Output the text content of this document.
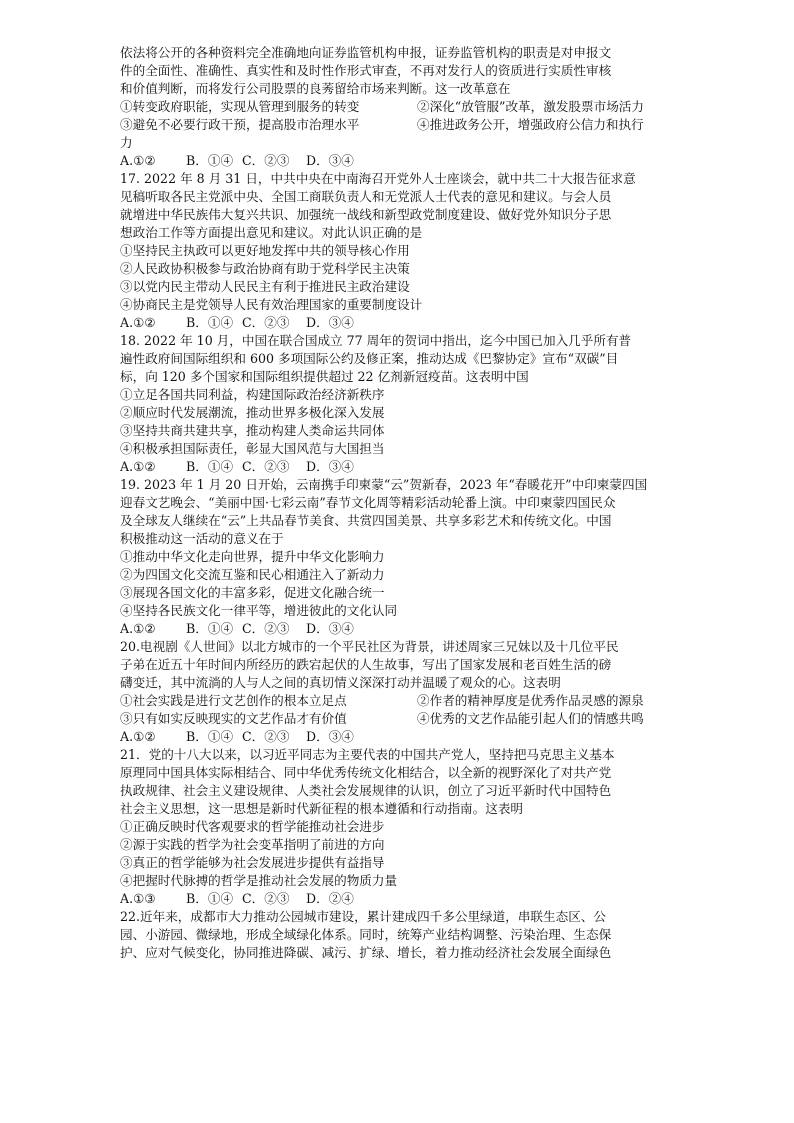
依法将公开的各种资料完全准确地向证券监管机构申报，证券监管机构的职责是对申报文
件的全面性、准确性、真实性和及时性作形式审查，不再对发行人的资质进行实质性审核
和价值判断，而将发行公司股票的良莠留给市场来判断。这一改革意在
①转变政府职能，实现从管理到服务的转变	②深化“放管服”改革，激发股票市场活力
③避免不必要行政干预，提高股市治理水平	④推进政务公开，增强政府公信力和执行
力
A.①②	B．①④ C．②③	D．③④
17. 2022 年 8 月 31 日，中共中央在中南海召开党外人士座谈会，就中共二十大报告征求意
见稿听取各民主党派中央、全国工商联负责人和无党派人士代表的意见和建议。与会人员
就增进中华民族伟大复兴共识、加强统一战线和新型政党制度建设、做好党外知识分子思
想政治工作等方面提出意见和建议。对此认识正确的是
①坚持民主执政可以更好地发挥中共的领导核心作用
②人民政协积极参与政治协商有助于党科学民主决策
③以党内民主带动人民民主有利于推进民主政治建设
④协商民主是党领导人民有效治理国家的重要制度设计
A.①②	B．①④ C．②③	D．③④
18. 2022 年 10 月，中国在联合国成立 77 周年的贺词中指出，迄今中国已加入几乎所有普
遍性政府间国际组织和 600 多项国际公约及修正案，推动达成《巴黎协定》宣布“双碳”目
标，向 120 多个国家和国际组织提供超过 22 亿剂新冠疫苗。这表明中国
①立足各国共同利益，构建国际政治经济新秩序
②顺应时代发展潮流，推动世界多极化深入发展
③坚持共商共建共享，推动构建人类命运共同体
④积极承担国际责任，彰显大国风范与大国担当
A.①②	B．①④ C．②③	D．③④
19. 2023 年 1 月 20 日开始，云南携手印柬蒙“云”贺新春，2023 年“春暖花开”中印柬蒙四国
迎春文艺晚会、“美丽中国·七彩云南”春节文化周等精彩活动轮番上演。中印柬蒙四国民众
及全球友人继续在“云”上共品春节美食、共赏四国美景、共享多彩艺术和传统文化。中国
积极推动这一活动的意义在于
①推动中华文化走向世界，提升中华文化影响力
②为四国文化交流互鉴和民心相通注入了新动力
③展现各国文化的丰富多彩，促进文化融合统一
④坚持各民族文化一律平等，增进彼此的文化认同
A.①②	B．①④ C．②③	D．③④
20.电视剧《人世间》以北方城市的一个平民社区为背景，讲述周家三兄妹以及十几位平民
子弟在近五十年时间内所经历的跌宕起伏的人生故事，写出了国家发展和老百姓生活的磅
礴变迁，其中流淌的人与人之间的真切情义深深打动并温暖了观众的心。这表明
①社会实践是进行文艺创作的根本立足点	②作者的精神厚度是优秀作品灵感的源泉
③只有如实反映现实的文艺作品才有价值	④优秀的文艺作品能引起人们的情感共鸣
A.①②	B．①④ C．②③	D．③④
21．党的十八大以来，以习近平同志为主要代表的中国共产党人，坚持把马克思主义基本
原理同中国具体实际相结合、同中华优秀传统文化相结合，以全新的视野深化了对共产党
执政规律、社会主义建设规律、人类社会发展规律的认识，创立了习近平新时代中国特色
社会主义思想，这一思想是新时代新征程的根本遵循和行动指南。这表明
①正确反映时代客观要求的哲学能推动社会进步
②源于实践的哲学为社会变革指明了前进的方向
③真正的哲学能够为社会发展进步提供有益指导
④把握时代脉搏的哲学是推动社会发展的物质力量
A.①③	B．①④ C．②③	D．②④
22.近年来，成都市大力推动公园城市建设，累计建成四千多公里绿道，串联生态区、公
园、小游园、微绿地，形成全域绿化体系。同时，统筹产业结构调整、污染治理、生态保
护、应对气候变化，协同推进降碳、减污、扩绿、增长，着力推动经济社会发展全面绿色
